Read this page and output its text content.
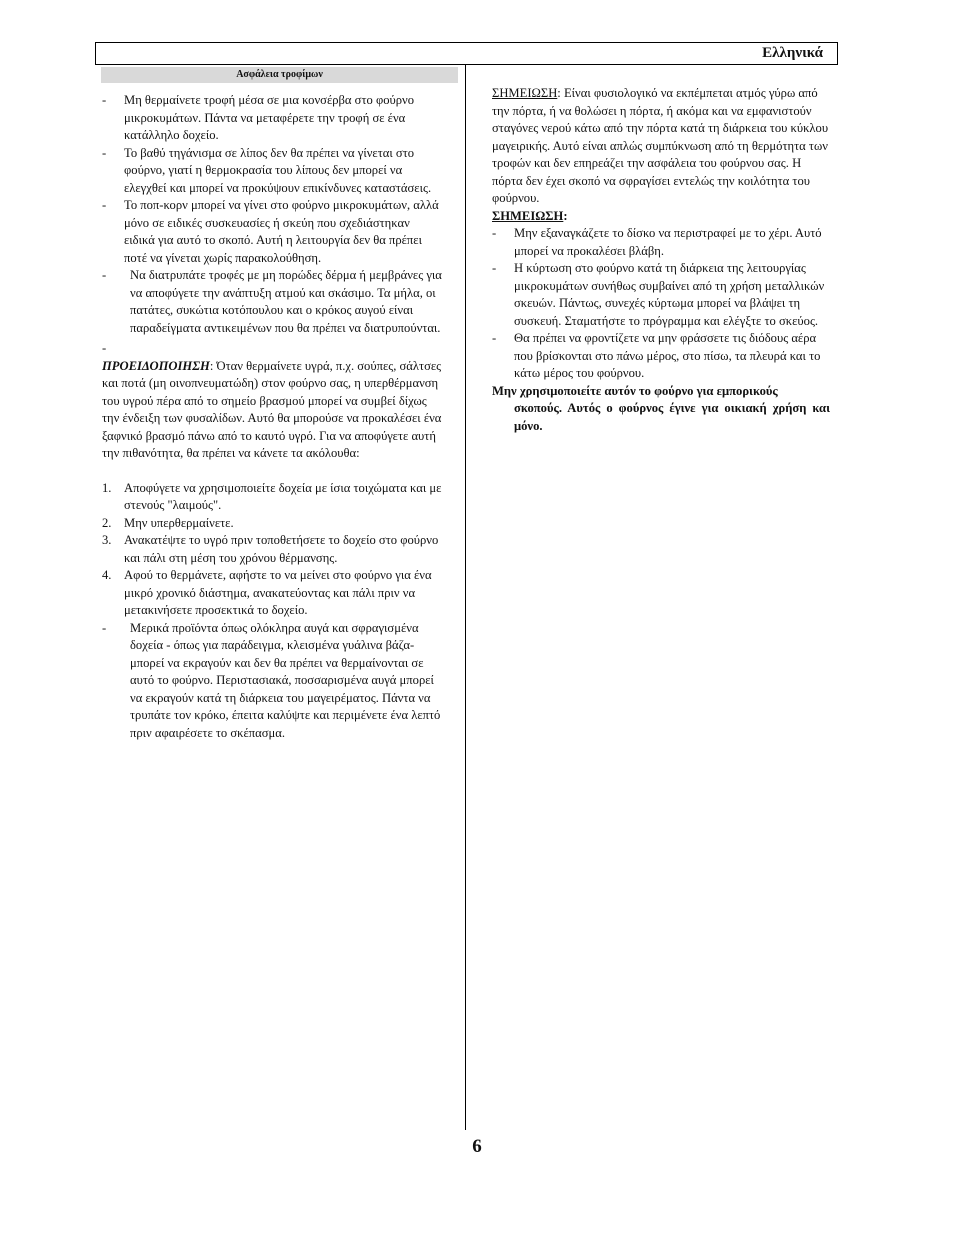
Ελληνικά
Ασφάλεια τροφίμων
- Μη θερμαίνετε τροφή μέσα σε μια κονσέρβα στο φούρνο μικροκυμάτων. Πάντα να μεταφέρετε την τροφή σε ένα κατάλληλο δοχείο.
- Το βαθύ τηγάνισμα σε λίπος δεν θα πρέπει να γίνεται στο φούρνο, γιατί η θερμοκρασία του λίπους δεν μπορεί να ελεγχθεί και μπορεί να προκύψουν επικίνδυνες καταστάσεις.
- Το ποπ-κορν μπορεί να γίνει στο φούρνο μικροκυμάτων, αλλά μόνο σε ειδικές συσκευασίες ή σκεύη που σχεδιάστηκαν ειδικά για αυτό το σκοπό. Αυτή η λειτουργία δεν θα πρέπει ποτέ να γίνεται χωρίς παρακολούθηση.
- Να διατρυπάτε τροφές με μη πορώδες δέρμα ή μεμβράνες για να αποφύγετε την ανάπτυξη ατμού και σκάσιμο. Τα μήλα, οι πατάτες, συκώτια κοτόπουλου και ο κρόκος αυγού είναι παραδείγματα αντικειμένων που θα πρέπει να διατρυπούνται.
-
ΠΡΟΕΙΔΟΠΟΙΗΣΗ: Όταν θερμαίνετε υγρά, π.χ. σούπες, σάλτσες και ποτά (μη οινοπνευματώδη) στον φούρνο σας, η υπερθέρμανση του υγρού πέρα από το σημείο βρασμού μπορεί να συμβεί δίχως την ένδειξη των φυσαλίδων. Αυτό θα μπορούσε να προκαλέσει ένα ξαφνικό βρασμό πάνω από το καυτό υγρό. Για να αποφύγετε αυτή την πιθανότητα, θα πρέπει να κάνετε τα ακόλουθα:
1. Αποφύγετε να χρησιμοποιείτε δοχεία με ίσια τοιχώματα και με στενούς "λαιμούς".
2. Μην υπερθερμαίνετε.
3. Ανακατέψτε το υγρό πριν τοποθετήσετε το δοχείο στο φούρνο και πάλι στη μέση του χρόνου θέρμανσης.
4. Αφού το θερμάνετε, αφήστε το να μείνει στο φούρνο για ένα μικρό χρονικό διάστημα, ανακατεύοντας και πάλι πριν να μετακινήσετε προσεκτικά το δοχείο.
- Μερικά προϊόντα όπως ολόκληρα αυγά και σφραγισμένα δοχεία - όπως για παράδειγμα, κλεισμένα γυάλινα βάζα- μπορεί να εκραγούν και δεν θα πρέπει να θερμαίνονται σε αυτό το φούρνο. Περιστασιακά, ποσσαρισμένα αυγά μπορεί να εκραγούν κατά τη διάρκεια του μαγειρέματος. Πάντα να τρυπάτε τον κρόκο, έπειτα καλύψτε και περιμένετε ένα λεπτό πριν αφαιρέσετε το σκέπασμα.
ΣΗΜΕΙΩΣΗ: Είναι φυσιολογικό να εκπέμπεται ατμός γύρω από την πόρτα, ή να θολώσει η πόρτα, ή ακόμα και να εμφανιστούν σταγόνες νερού κάτω από την πόρτα κατά τη διάρκεια του κύκλου μαγειρικής. Αυτό είναι απλώς συμπύκνωση από τη θερμότητα των τροφών και δεν επηρεάζει την ασφάλεια του φούρνου σας. Η πόρτα δεν έχει σκοπό να σφραγίσει εντελώς την κοιλότητα του φούρνου.
ΣΗΜΕΙΩΣΗ:
- Μην εξαναγκάζετε το δίσκο να περιστραφεί με το χέρι. Αυτό μπορεί να προκαλέσει βλάβη.
- Η κύρτωση στο φούρνο κατά τη διάρκεια της λειτουργίας μικροκυμάτων συνήθως συμβαίνει από τη χρήση μεταλλικών σκευών. Πάντως, συνεχές κύρτωμα μπορεί να βλάψει τη συσκευή. Σταματήστε το πρόγραμμα και ελέγξτε το σκεύος.
- Θα πρέπει να φροντίζετε να μην φράσσετε τις διόδους αέρα που βρίσκονται στο πάνω μέρος, στο πίσω, τα πλευρά και το κάτω μέρος του φούρνου.
Μην χρησιμοποιείτε αυτόν το φούρνο για εμπορικούς
σκοπούς. Αυτός ο φούρνος έγινε για οικιακή χρήση και μόνο.
6
